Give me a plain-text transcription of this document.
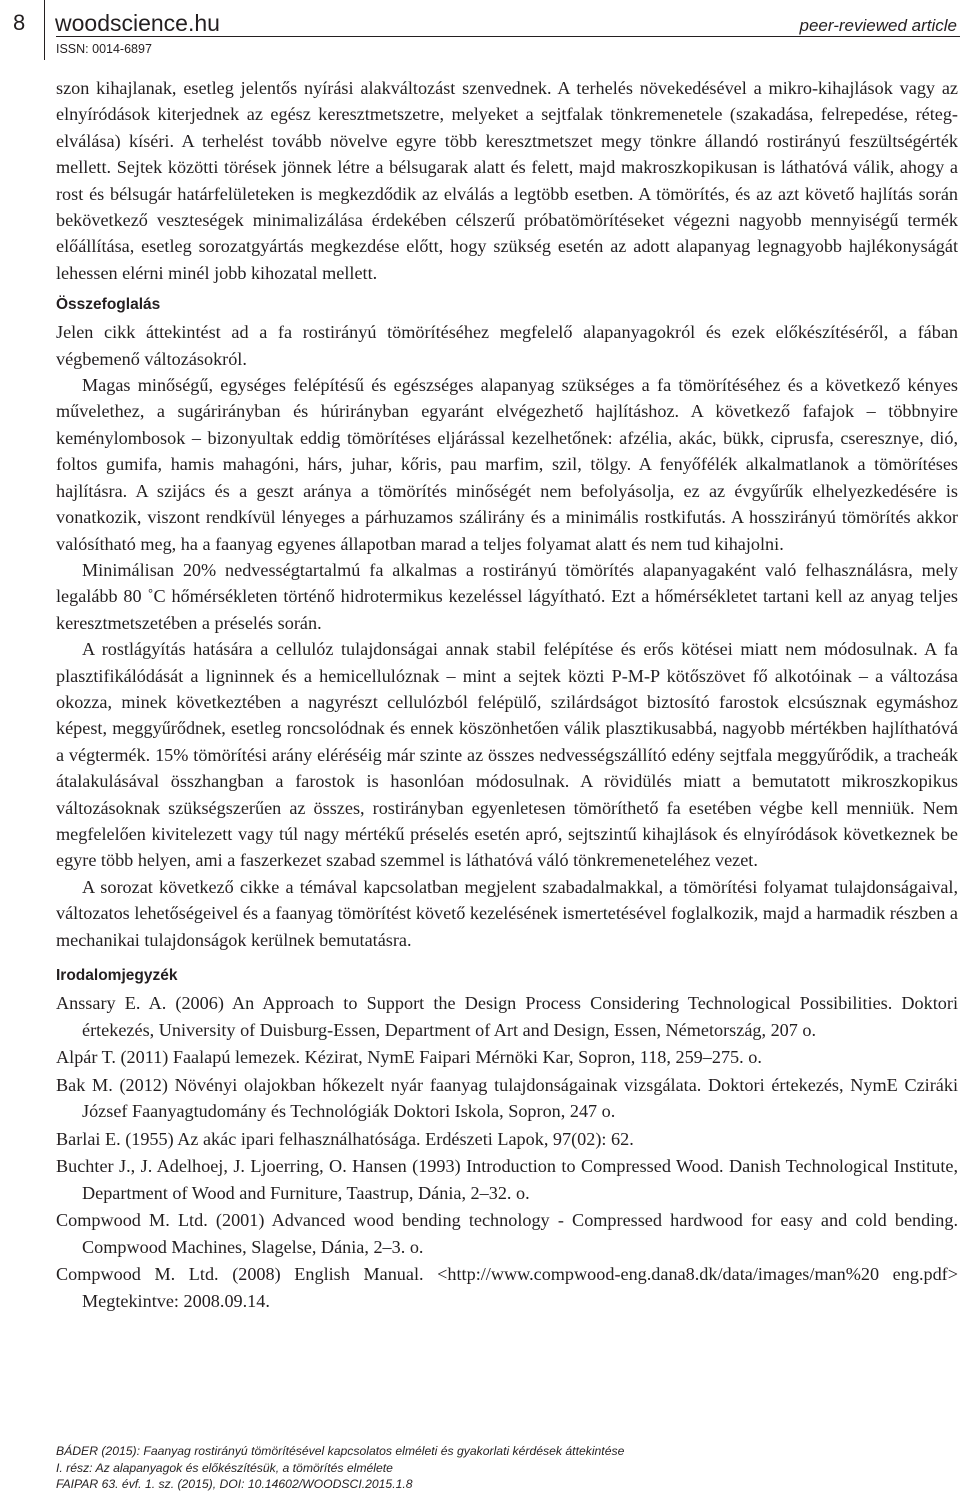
8 woodscience.hu
ISSN: 0014-6897
peer-reviewed article

szon kihajlanak, esetleg jelentős nyírási alakváltozást szenvednek. A terhelés növekedésével a mikro-kihajlások vagy az elnyíródások kiterjednek az egész keresztmetszetre, melyeket a sejtfalak tönkremenetele (szakadása, felrepedése, réteg-elválása) kíséri. A terhelést tovább növelve egyre több keresztmetszet megy tönkre állandó rostirányú feszültségérték mellett. Sejtek közötti törések jönnek létre a bélsugarak alatt és felett, majd makroszkopikusan is láthatóvá válik, ahogy a rost és bélsugár határfelületeken is megkezdődik az elválás a legtöbb esetben. A tömörítés, és az azt követő hajlítás során bekövetkező veszteségek minimalizálása érdekében célszerű próbatömörítéseket végezni nagyobb mennyiségű termék előállítása, esetleg sorozatgyártás megkezdése előtt, hogy szükség esetén az adott alapanyag legnagyobb hajlékonyságát lehessen elérni minél jobb kihozatal mellett.

Összefoglalás

Jelen cikk áttekintést ad a fa rostirányú tömörítéséhez megfelelő alapanyagokról és ezek előkészítéséről, a fában végbemenő változásokról.

Magas minőségű, egységes felépítésű és egészséges alapanyag szükséges a fa tömörítéséhez és a következő kényes művelethez, a sugárirányban és húrirányban egyaránt elvégezhető hajlításhoz. A következő fafajok – többnyire keménylombosok – bizonyultak eddig tömörítéses eljárással kezelhetőnek: afzélia, akác, bükk, ciprusfa, cseresznye, dió, foltos gumifa, hamis mahagóni, hárs, juhar, kőris, pau marfim, szil, tölgy. A fenyőfélék alkalmatlanok a tömörítéses hajlításra. A szijács és a geszt aránya a tömörítés minőségét nem befolyásolja, ez az évgyűrűk elhelyezkedésére is vonatkozik, viszont rendkívül lényeges a párhuzamos szálirány és a minimális rostkifutás. A hosszirányú tömörítés akkor valósítható meg, ha a faanyag egyenes állapotban marad a teljes folyamat alatt és nem tud kihajolni.

Minimálisan 20% nedvességtartalmú fa alkalmas a rostirányú tömörítés alapanyagaként való felhasználásra, mely legalább 80 ˚C hőmérsékleten történő hidrotermikus kezeléssel lágyítható. Ezt a hőmérsékletet tartani kell az anyag teljes keresztmetszetében a préselés során.

A rostlágyítás hatására a cellulóz tulajdonságai annak stabil felépítése és erős kötései miatt nem módosulnak. A fa plasztifikálódását a ligninnek és a hemicellulóznak – mint a sejtek közti P-M-P kötőszövet fő alkotóinak – a változása okozza, minek következtében a nagyrészt cellulózból felépülő, szilárdságot biztosító farostok elcsúsznak egymáshoz képest, meggyűrődnek, esetleg roncsolódnak és ennek köszönhetően válik plasztikusabbá, nagyobb mértékben hajlíthatóvá a végtermék. 15% tömörítési arány eléréséig már szinte az összes nedvességszállító edény sejtfala meggyűrődik, a tracheák átalakulásával összhangban a farostok is hasonlóan módosulnak. A rövidülés miatt a bemutatott mikroszkopikus változásoknak szükségszerűen az összes, rostirányban egyenletesen tömöríthető fa esetében végbe kell menniük. Nem megfelelően kivitelezett vagy túl nagy mértékű préselés esetén apró, sejtszintű kihajlások és elnyíródások következnek be egyre több helyen, ami a faszerkezet szabad szemmel is láthatóvá váló tönkremeneteléhez vezet.

A sorozat következő cikke a témával kapcsolatban megjelent szabadalmakkal, a tömörítési folyamat tulajdonságaival, változatos lehetőségeivel és a faanyag tömörítést követő kezelésének ismertetésével foglalkozik, majd a harmadik részben a mechanikai tulajdonságok kerülnek bemutatásra.

Irodalomjegyzék
Anssary E. A. (2006) An Approach to Support the Design Process Considering Technological Possibilities. Doktori értekezés, University of Duisburg-Essen, Department of Art and Design, Essen, Németország, 207 o.
Alpár T. (2011) Faalapú lemezek. Kézirat, NymE Faipari Mérnöki Kar, Sopron, 118, 259–275. o.
Bak M. (2012) Növényi olajokban hőkezelt nyár faanyag tulajdonságainak vizsgálata. Doktori értekezés, NymE Cziráki József Faanyagtudomány és Technológiák Doktori Iskola, Sopron, 247 o.
Barlai E. (1955) Az akác ipari felhasználhatósága. Erdészeti Lapok, 97(02): 62.
Buchter J., J. Adelhoej, J. Ljoerring, O. Hansen (1993) Introduction to Compressed Wood. Danish Technological Institute, Department of Wood and Furniture, Taastrup, Dánia, 2–32. o.
Compwood M. Ltd. (2001) Advanced wood bending technology - Compressed hardwood for easy and cold bending. Compwood Machines, Slagelse, Dánia, 2–3. o.
Compwood M. Ltd. (2008) English Manual. <http://www.compwood-eng.dana8.dk/data/images/man%20 eng.pdf> Megtekintve: 2008.09.14.
BÁDER (2015): Faanyag rostirányú tömörítésével kapcsolatos elméleti és gyakorlati kérdések áttekintése
I. rész: Az alapanyagok és előkészítésük, a tömörítés elmélete
FAIPAR 63. évf. 1. sz. (2015), DOI: 10.14602/WOODSCI.2015.1.8
